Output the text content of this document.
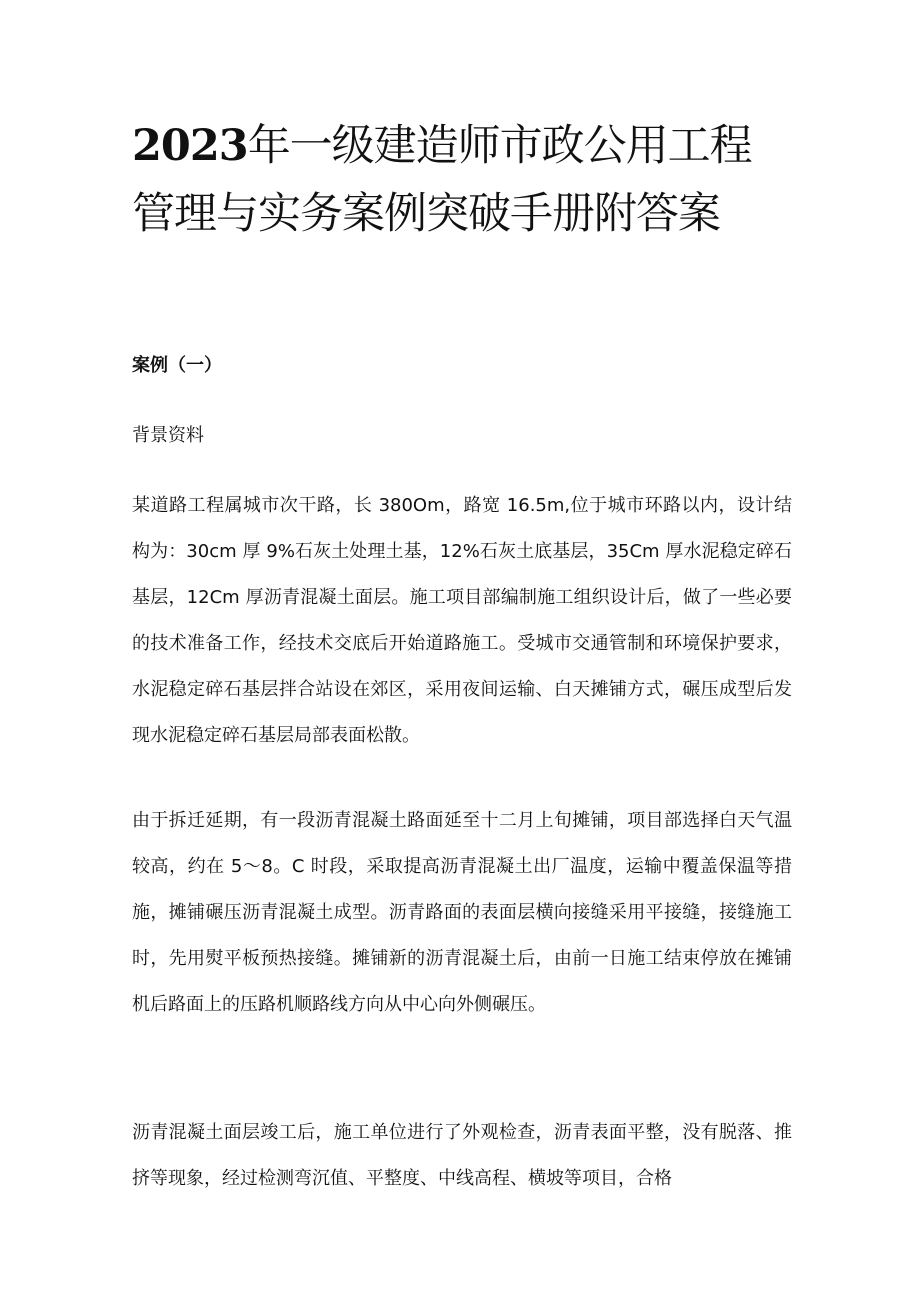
2023年一级建造师市政公用工程管理与实务案例突破手册附答案
案例（一）
背景资料

某道路工程属城市次干路，长 380Om，路宽 16.5m,位于城市环路以内，设计结构为：30cm 厚 9%石灰土处理土基，12%石灰土底基层，35Cm 厚水泥稳定碎石基层，12Cm 厚沥青混凝土面层。施工项目部编制施工组织设计后，做了一些必要的技术准备工作，经技术交底后开始道路施工。受城市交通管制和环境保护要求，水泥稳定碎石基层拌合站设在郊区，采用夜间运输、白天摊铺方式，碾压成型后发现水泥稳定碎石基层局部表面松散。

由于拆迁延期，有一段沥青混凝土路面延至十二月上旬摊铺，项目部选择白天气温较高，约在 5～8。C 时段，采取提高沥青混凝土出厂温度，运输中覆盖保温等措施，摊铺碾压沥青混凝土成型。沥青路面的表面层横向接缝采用平接缝，接缝施工时，先用熨平板预热接缝。摊铺新的沥青混凝土后，由前一日施工结束停放在摊铺机后路面上的压路机顺路线方向从中心向外侧碾压。

沥青混凝土面层竣工后，施工单位进行了外观检查，沥青表面平整，没有脱落、推挤等现象，经过检测弯沉值、平整度、中线高程、横坡等项目，合格
